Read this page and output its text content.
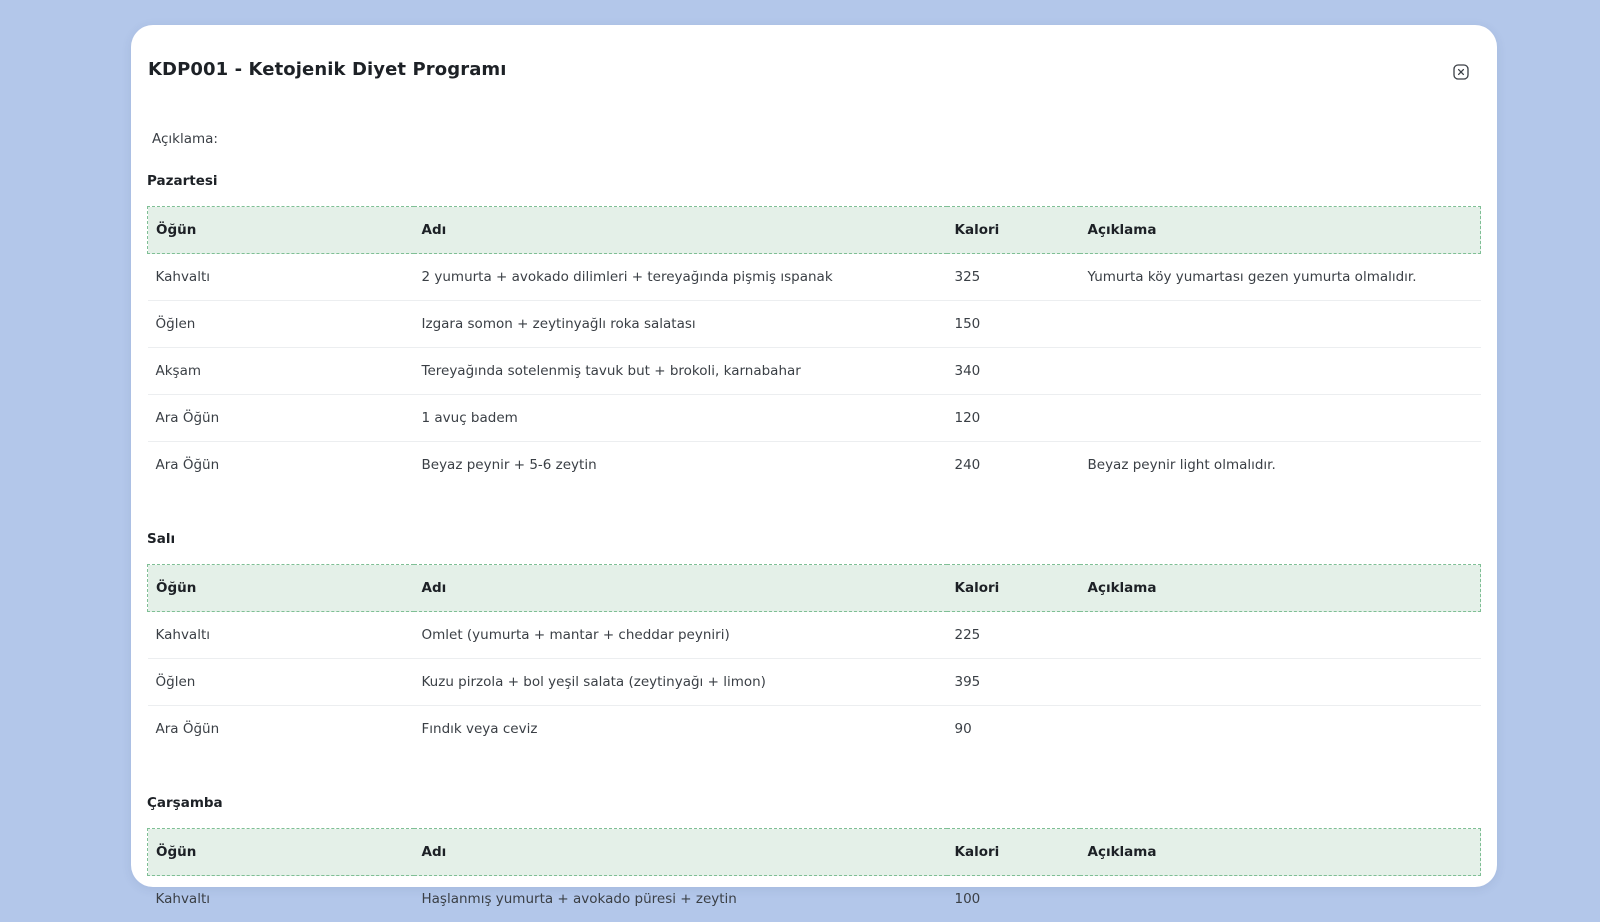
KDP001 - Ketojenik Diyet Programı
Açıklama:
Pazartesi
Öğün	Adı	Kalori	Açıklama
Kahvaltı	2 yumurta + avokado dilimleri + tereyağında pişmiş ıspanak	325	Yumurta köy yumartası gezen yumurta olmalıdır.
Öğlen	Izgara somon + zeytinyağlı roka salatası	150	
Akşam	Tereyağında sotelenmiş tavuk but + brokoli, karnabahar	340	
Ara Öğün	1 avuç badem	120	
Ara Öğün	Beyaz peynir + 5-6 zeytin	240	Beyaz peynir light olmalıdır.
Salı
Öğün	Adı	Kalori	Açıklama
Kahvaltı	Omlet (yumurta + mantar + cheddar peyniri)	225	
Öğlen	Kuzu pirzola + bol yeşil salata (zeytinyağı + limon)	395	
Ara Öğün	Fındık veya ceviz	90	
Çarşamba
Öğün	Adı	Kalori	Açıklama
Kahvaltı	Haşlanmış yumurta + avokado püresi + zeytin	100	
